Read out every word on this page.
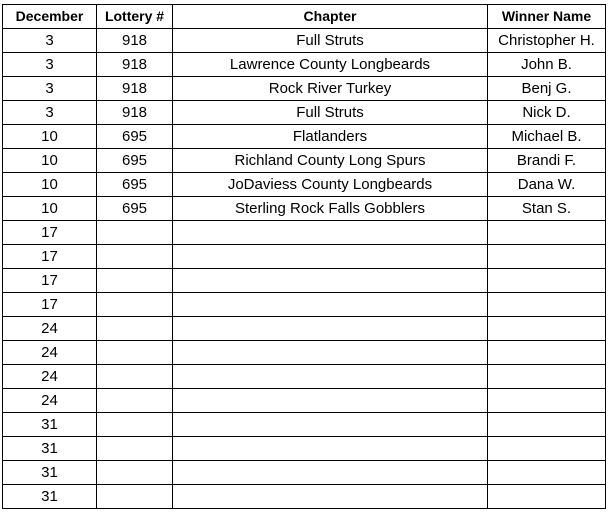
December	Lottery #	Chapter	Winner Name
3	918	Full Struts	Christopher H.
3	918	Lawrence County Longbeards	John B.
3	918	Rock River Turkey	Benj G.
3	918	Full Struts	Nick D.
10	695	Flatlanders	Michael B.
10	695	Richland County Long Spurs	Brandi F.
10	695	JoDaviess County Longbeards	Dana W.
10	695	Sterling Rock Falls Gobblers	Stan S.
17			
17			
17			
17			
24			
24			
24			
24			
31			
31			
31			
31			
